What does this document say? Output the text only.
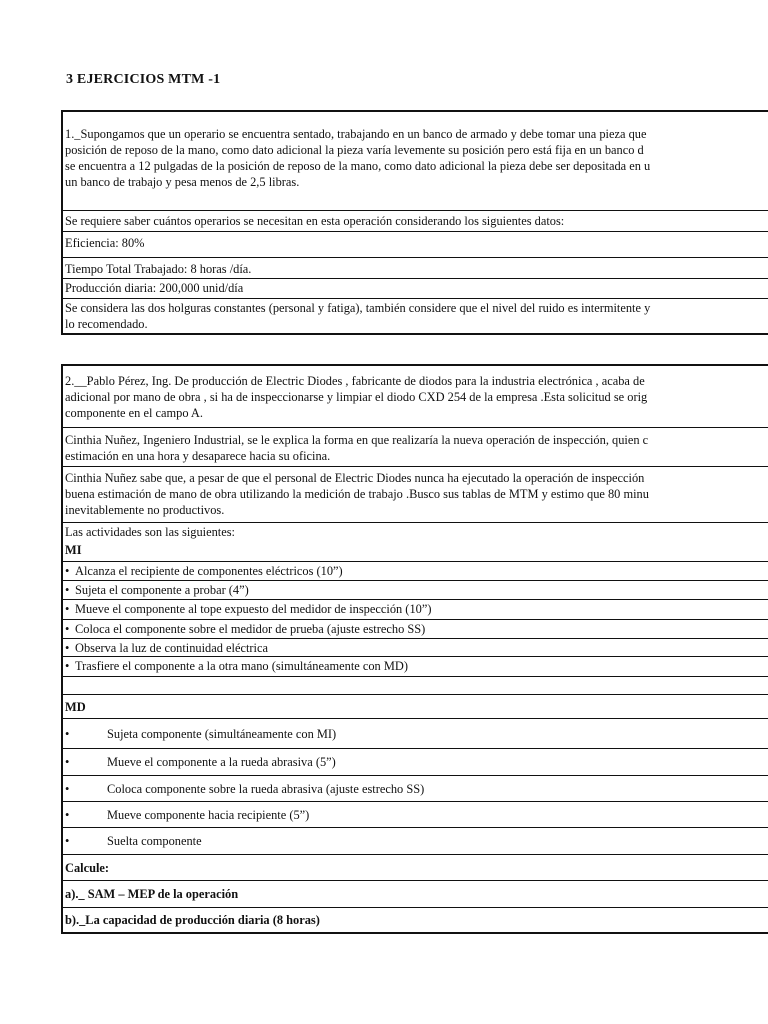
3 EJERCICIOS MTM -1
1._Supongamos que un operario se encuentra sentado, trabajando en un banco de armado y debe tomar una pieza que
posición de reposo de la mano, como dato adicional la pieza varía levemente su posición pero está fija en un banco d
se encuentra a 12 pulgadas de la posición de reposo de la mano, como dato adicional la pieza debe ser depositada en u
un banco de trabajo y pesa menos de 2,5 libras.
Se requiere saber cuántos operarios se necesitan en esta operación considerando los siguientes datos:
Eficiencia: 80%
Tiempo Total Trabajado: 8 horas /día.
Producción diaria: 200,000 unid/día
Se considera las dos holguras constantes (personal y fatiga), también considere que el nivel del ruido es intermitente y
lo recomendado.
2.__Pablo Pérez, Ing. De producción de Electric Diodes , fabricante de diodos para la industria electrónica , acaba de
adicional por mano de obra , si ha de inspeccionarse y limpiar el diodo CXD 254 de la empresa .Esta solicitud se orig
componente en el campo A.
Cinthia Nuñez, Ingeniero Industrial, se le explica la forma en que realizaría la nueva operación de inspección, quien c
estimación en una hora y desaparece hacia su oficina.
Cinthia Nuñez sabe que, a pesar de que el personal de Electric Diodes nunca ha ejecutado la operación de inspección
buena estimación de mano de obra utilizando la medición de trabajo .Busco sus tablas de MTM y estimo que 80 minu
inevitablemente no productivos.
Las actividades son las siguientes:
MI
• Alcanza el recipiente de componentes eléctricos (10”)
• Sujeta el componente a probar (4”)
• Mueve el componente al tope expuesto del medidor de inspección (10”)
• Coloca el componente sobre el medidor de prueba (ajuste estrecho SS)
• Observa la luz de continuidad eléctrica
• Trasfiere el componente a la otra mano (simultáneamente con MD)
MD
•	Sujeta componente (simultáneamente con MI)
•	Mueve el componente a la rueda abrasiva (5”)
•	Coloca componente sobre la rueda abrasiva (ajuste estrecho SS)
•	Mueve componente hacia recipiente (5”)
•	Suelta componente
Calcule:
a)._ SAM – MEP de la operación
b)._La capacidad de producción diaria (8 horas)
